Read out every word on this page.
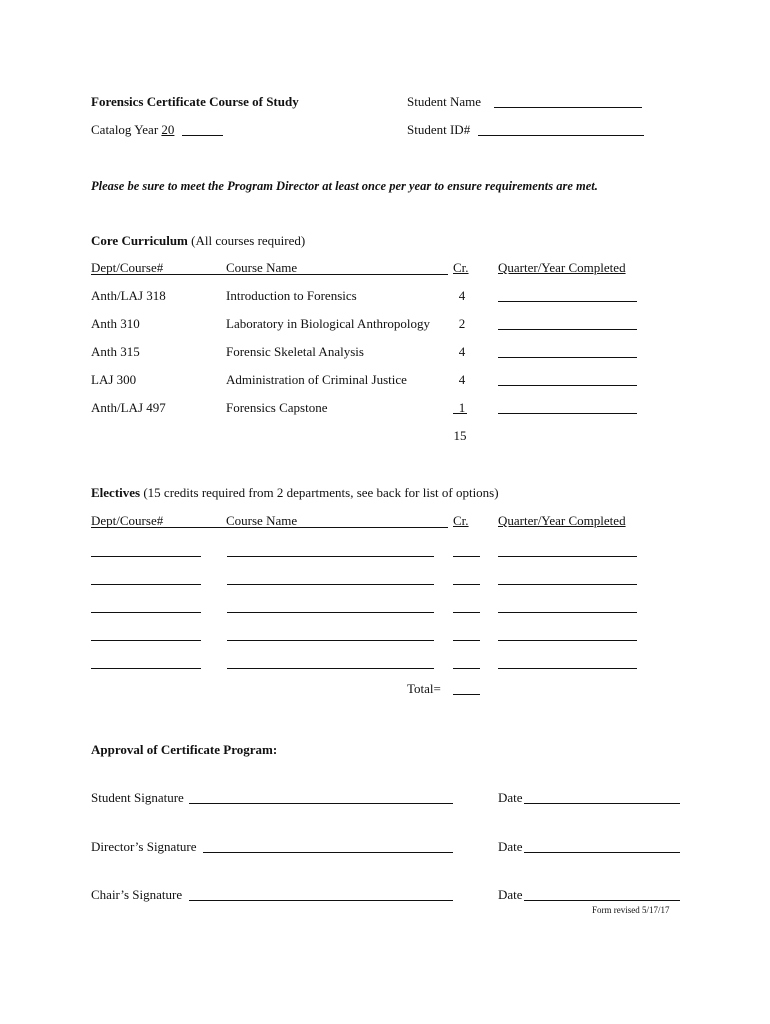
Forensics Certificate Course of Study	Student Name
Catalog Year 20	Student ID#
Please be sure to meet the Program Director at least once per year to ensure requirements are met.
Core Curriculum (All courses required)
Dept/Course#	Course Name	Cr. Quarter/Year Completed
Anth/LAJ 318	Introduction to Forensics	4
Anth 310	Laboratory in Biological Anthropology	2
Anth 315	Forensic Skeletal Analysis	4
LAJ 300	Administration of Criminal Justice	4
Anth/LAJ 497	Forensics Capstone	1
15
Electives (15 credits required from 2 departments, see back for list of options)
Dept/Course#	Course Name	Cr. Quarter/Year Completed
Total=
Approval of Certificate Program:
Student Signature	Date
Director’s Signature	Date
Chair’s Signature	Date
Form revised 5/17/17
